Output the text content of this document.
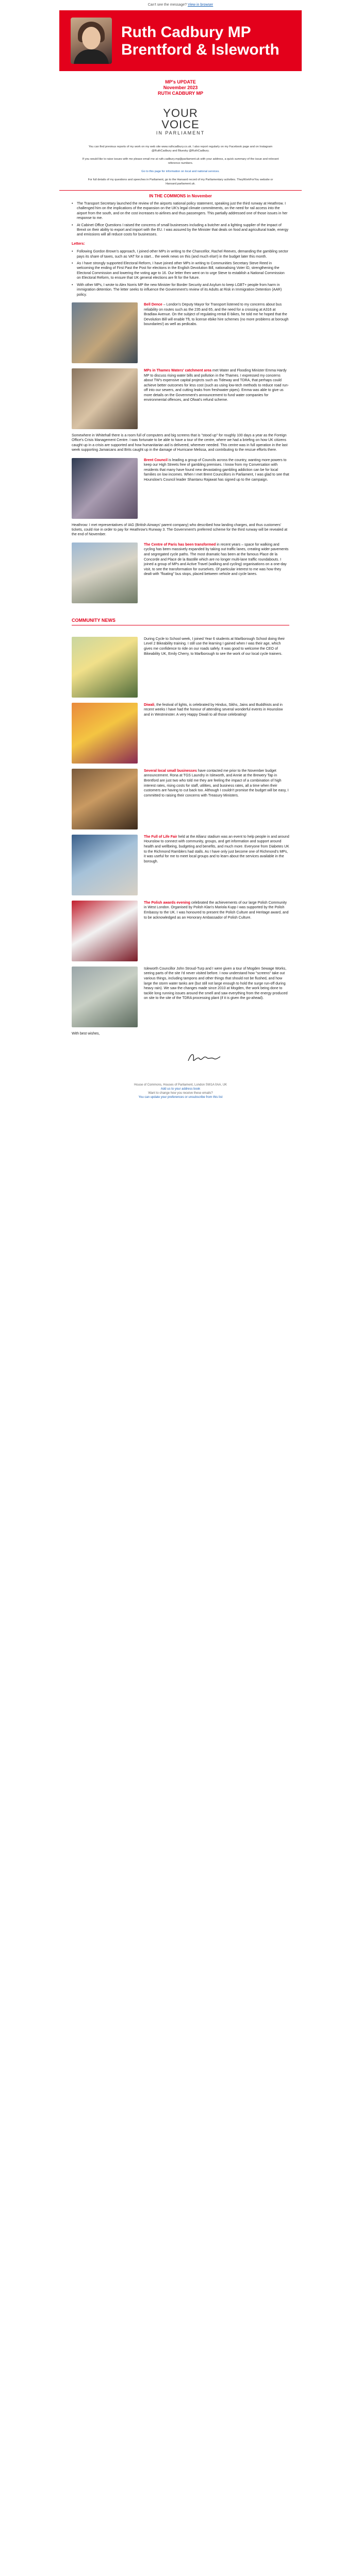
Can't see the message? View in browser
Ruth Cadbury MP
Brentford & Isleworth
MP's UPDATE
November 2023
RUTH CADBURY MP
YOUR
VOICE
IN PARLIAMENT

You can find previous reports of my work on my web site www.ruthcadbury.co.uk. I also report regularly on my Facebook page and on Instagram @RuthCadbury and Bluesky @RuthCadbury.

If you would like to raise issues with me please email me at ruth.cadbury.mp@parliament.uk with your address, a quick summary of the issue and relevant reference numbers.

Go to this page for information on local and national services.

For full details of my questions and speeches in Parliament, go to the Hansard record of my Parliamentary activities. TheyWorkForYou website or Hansard.parliament.uk.

IN THE COMMONS in November
•	The Transport Secretary launched the review of the airports national policy statement, speaking just the third runway at Heathrow. I challenged him on the implications of the expansion on the UK's legal climate commitments, on the need for rail access into the airport from the south, and on the cost increases to airlines and thus passengers. This partially addressed one of those issues in her response to me.
•	At Cabinet Office Questions I raised the concerns of small businesses including a butcher and a lighting supplier of the impact of Brexit on their ability to export and import with the EU. I was assured by the Minister that deals on food and agricultural trade, energy and emissions will all reduce costs for businesses.
Letters:
•	Following Gordon Brown's approach, I joined other MPs in writing to the Chancellor, Rachel Reeves, demanding the gambling sector pays its share of taxes, such as VAT for a start... the week news on this (and much else!) in the budget later this month.
•	As I have strongly supported Electoral Reform, I have joined other MPs in writing to Communities Secretary Steve Reed in welcoming the ending of First Past the Post for elections in the English Devolution Bill, nationalising Voter ID, strengthening the Electoral Commission and lowering the voting age to 16. Our letter then went on to urge Steve to establish a National Commission on Electoral Reform, to ensure that UK general elections are fit for the future.
•	With other MPs, I wrote to Alex Norris MP the new Minister for Border Security and Asylum to keep LGBT+ people from harm in immigration detention. The letter seeks to influence the Government's review of its Adults at Risk in Immigration Detention (AAR) policy.
Bell Dence – London's Deputy Mayor for Transport listened to my concerns about bus reliability on routes such as the 235 and 65, and the need for a crossing at A316 at Bradlaw Avenue. On the subject of regulating rental E-bikes, he told me he hoped that the Devolution Bill will enable TfL to license ebike hire schemes (no more problems at borough boundaries!) as well as pedicabs.
MPs in Thames Waters' catchment area met Water and Flooding Minister Emma Hardy MP to discuss rising water bills and pollution in the Thames. I expressed my concerns about TW's expensive capital projects such as Tideway and TDRA, that perhaps could achieve better outcomes for less cost (such as using low-tech methods to reduce road run-off into our sewers, and cutting leaks from freshwater pipes). Emma was able to give us more details on the Government's announcement to fund water companies for environmental offences, and Ofwat's refund scheme.

Somewhere in Whitehall there is a room full of computers and big screens that is "stood up" for roughly 100 days a year as the Foreign Office's Crisis Management Centre. I was fortunate to be able to have a tour of the centre, where we had a briefing on how UK citizens caught up in a crisis are supported and how humanitarian aid is delivered, wherever needed. This centre was in full operation in the last week supporting Jamaicans and Brits caught up in the damage of Hurricane Melissa, and contributing to the rescue efforts there.

Brent Council is leading a group of Councils across the country, wanting more powers to keep our High Streets free of gambling premises. I know from my Conversation with residents that many have found new devastating gambling addiction can be for local families on low incomes. When I met Brent Councillors in Parliament, I was glad to see that Hounslow's Council leader Shantanu Rajawat has signed up to the campaign.

Heathrow: I met representatives of IAG (British Airways' parent company) who described how landing charges, and thus customers' tickets, could rise in order to pay for Heathrow's Runway 3. The Government's preferred scheme for the third runway will be revealed at the end of November.

The Centre of Paris has been transformed in recent years – space for walking and cycling has been massively expanded by taking out traffic lanes, creating wider pavements and segregated cycle paths. The most dramatic has been at the famous Place de la Concorde and Place de la Bastille which are no longer multi-lane traffic roundabouts. I joined a group of MPs and Active Travel (walking and cycling) organisations on a one-day visit, to see the transformation for ourselves. Of particular interest to me was how they dealt with "floating" bus stops, placed between vehicle and cycle lanes.
COMMUNITY NEWS
During Cycle to School week, I joined Year 6 students at Marlborough School doing their Level 2 Bikeability training. I still use the learning I gained when I was their age, which gives me confidence to ride on our roads safely. It was good to welcome the CEO of Bikeability UK, Emily Cherry, to Marlborough to see the work of our local cycle trainers.
Diwali, the festival of lights, is celebrated by Hindus, Sikhs, Jains and Buddhists and in recent weeks I have had the honour of attending several wonderful events in Hounslow and in Westminster. A very Happy Diwali to all those celebrating!
Several local small businesses have contacted me prior to the November budget announcement. Rona at TGS Laundry in Isleworth, and Annie at the Brewery Tap in Brentford are just two who told me they are feeling the impact of a combination of high interest rates, rising costs for staff, utilities, and business rates, all a time when their customers are having to cut back too. Although I couldn't promise the budget will be easy, I committed to raising their concerns with Treasury Ministers.
The Full of Life Fair held at the Allianz stadium was an event to help people in and around Hounslow to connect with community, groups, and get information and support around health and wellbeing, budgeting and benefits, and much more. Everyone from Diabetes UK to the Richmond Ramblers had stalls. As I have only just become one of Richmond's MPs, it was useful for me to meet local groups and to learn about the services available in the borough.
The Polish awards evening celebrated the achievements of our large Polish Community in West London. Organised by Polish Klan's Mariola Kupp I was supported by the Polish Embassy to the UK. I was honoured to present the Polish Culture and Heritage award, and to be acknowledged as an Honorary Ambassador of Polish Culture.
Isleworth Councillor John Stroud-Turp and I were given a tour of Mogden Sewage Works, seeing parts of the site I'd never visited before. I now understand how "screens" take out various things, including tampons and other things that should not be flushed, and how large the storm water tanks are (but still not large enough to hold the surge run-off during heavy rain). We saw the changes made since 2010 at Mogden, the work being done to tackle long running issues around the smell and saw everything from the energy produced on site to the site of the TDRA processing plant (if it is given the go-ahead).

With best wishes,

House of Commons, Houses of Parliament, London SW1A 0AA, UK
Add us to your address book
Want to change how you receive these emails?
You can update your preferences or unsubscribe from this list
